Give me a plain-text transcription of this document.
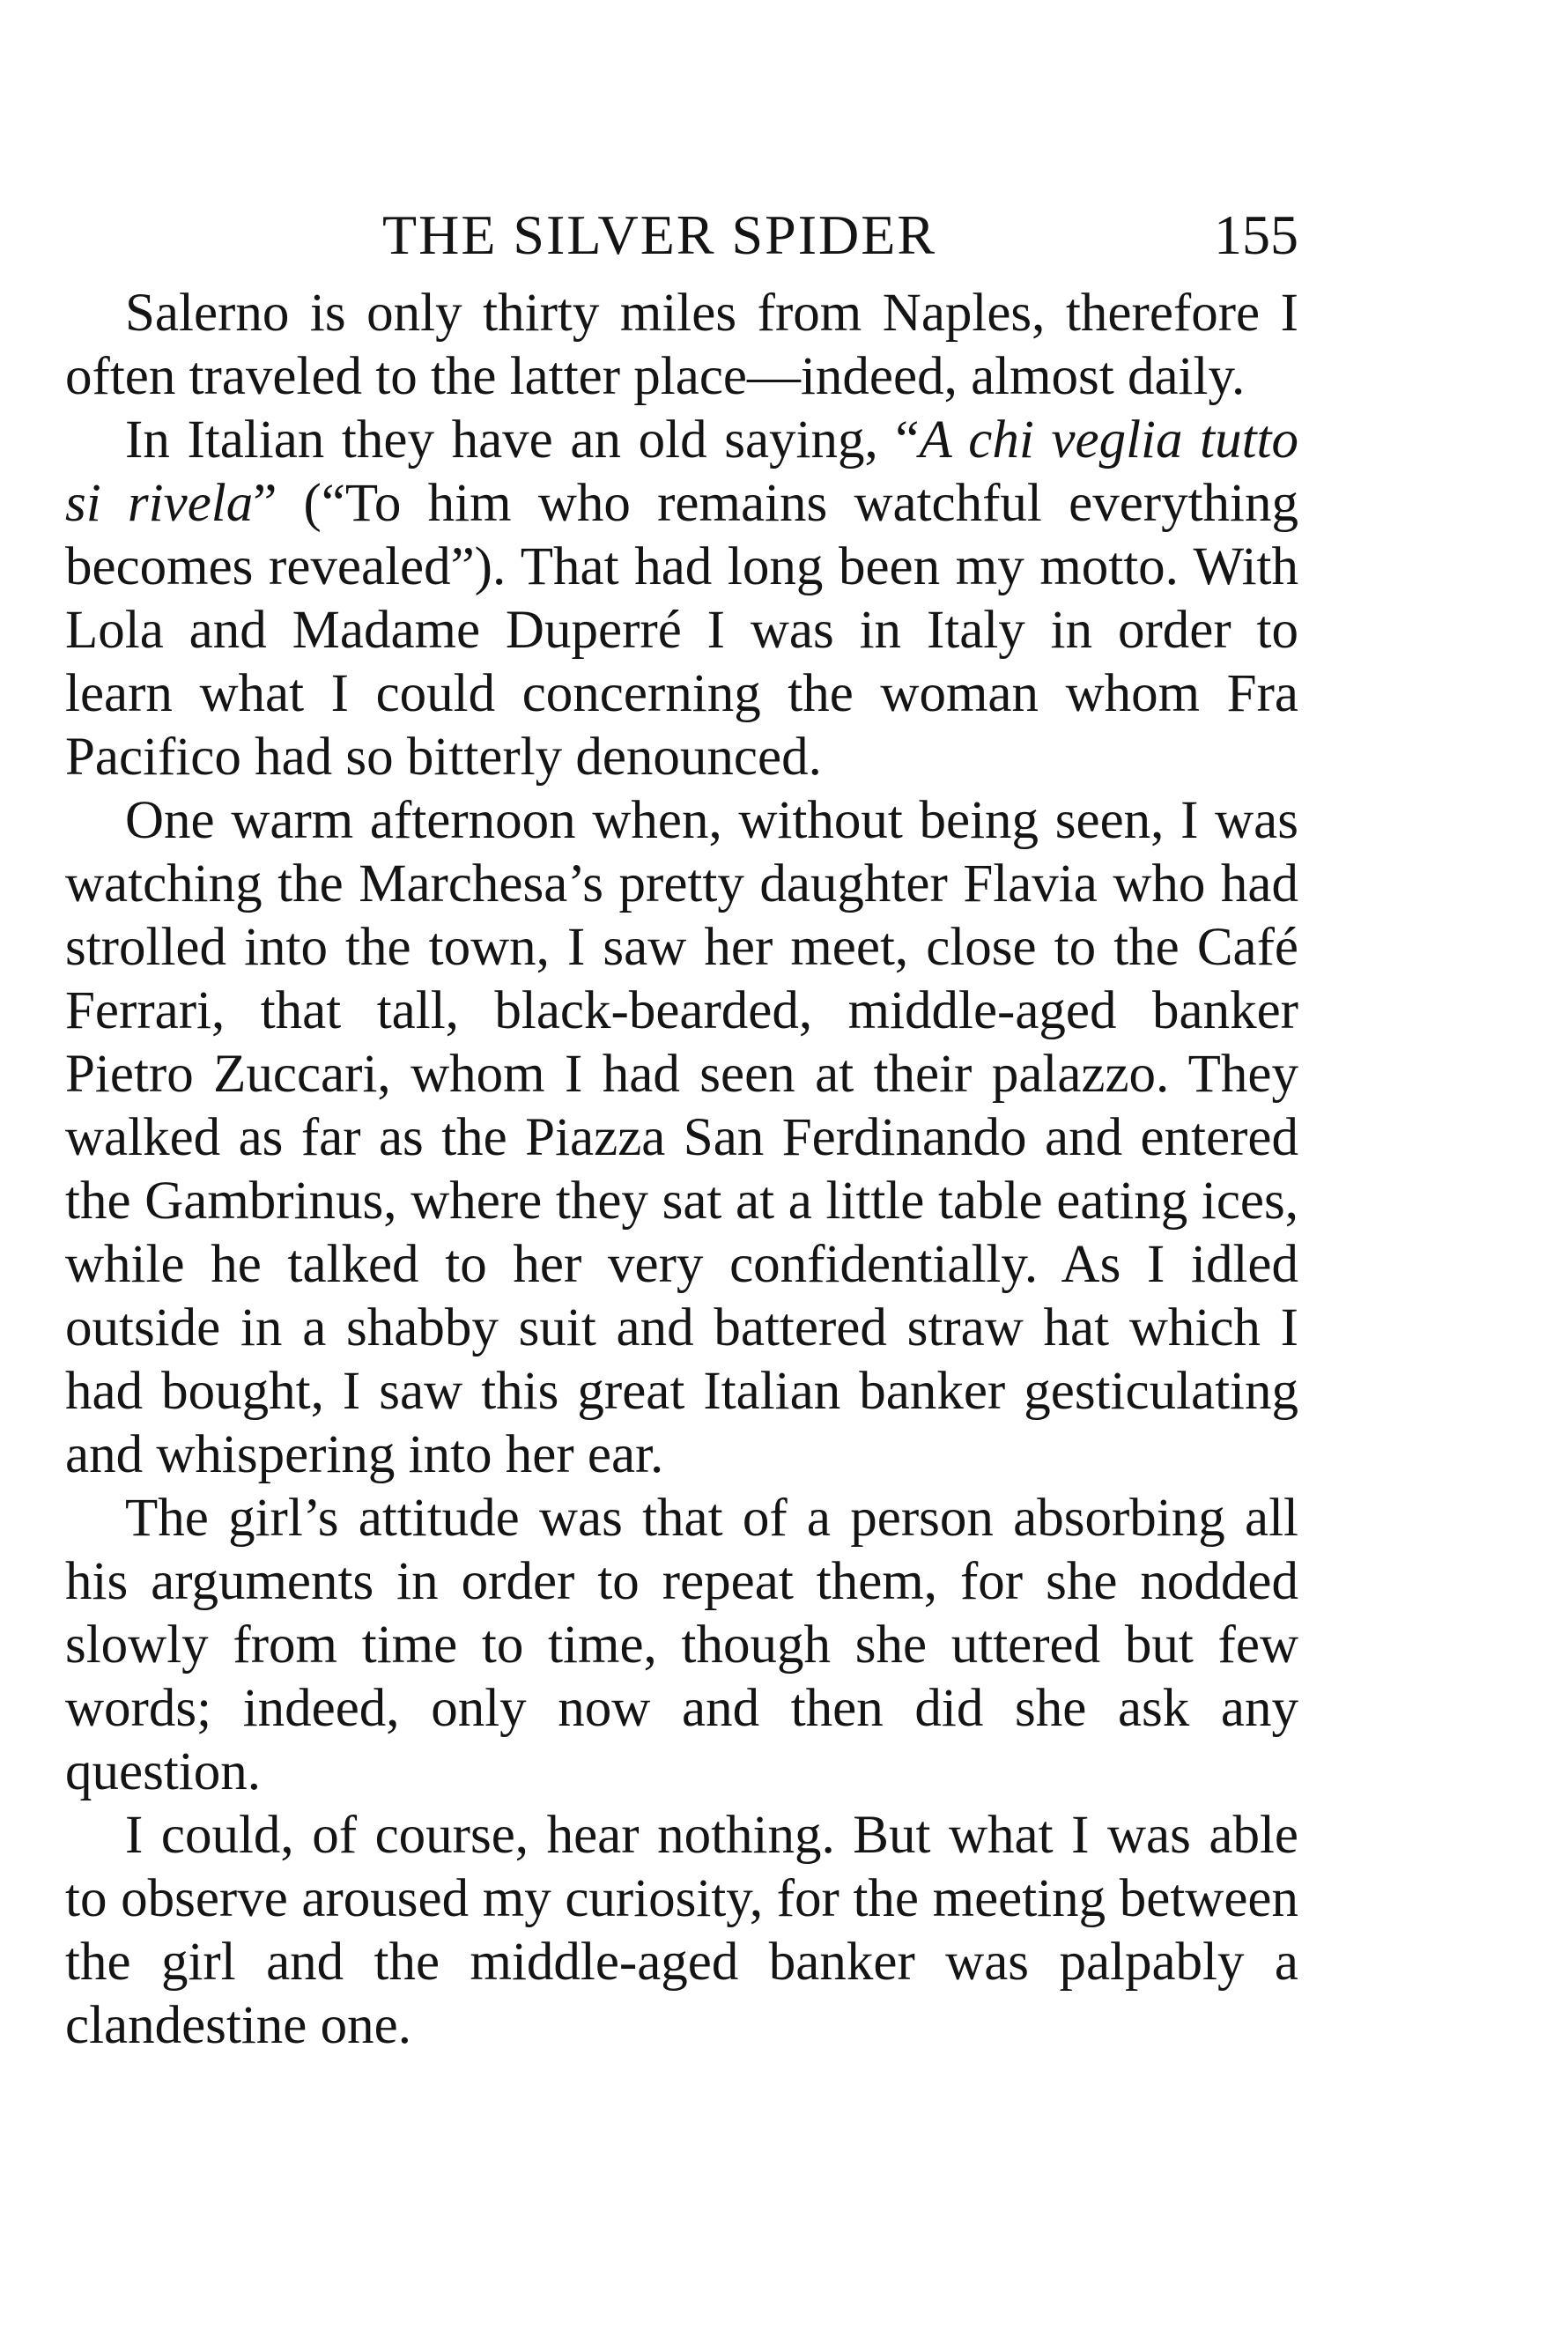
THE SILVER SPIDER	155

Salerno is only thirty miles from Naples, therefore I often traveled to the latter place—indeed, almost daily.

In Italian they have an old saying, “A chi veglia tutto si rivela” (“To him who remains watchful everything becomes revealed”). That had long been my motto. With Lola and Madame Duperré I was in Italy in order to learn what I could concerning the woman whom Fra Pacifico had so bitterly denounced.

One warm afternoon when, without being seen, I was watching the Marchesa’s pretty daughter Flavia who had strolled into the town, I saw her meet, close to the Café Ferrari, that tall, black-bearded, middle-aged banker Pietro Zuccari, whom I had seen at their palazzo. They walked as far as the Piazza San Ferdinando and entered the Gambrinus, where they sat at a little table eating ices, while he talked to her very confidentially. As I idled outside in a shabby suit and battered straw hat which I had bought, I saw this great Italian banker gesticulating and whispering into her ear.

The girl’s attitude was that of a person absorbing all his arguments in order to repeat them, for she nodded slowly from time to time, though she uttered but few words; indeed, only now and then did she ask any question.

I could, of course, hear nothing. But what I was able to observe aroused my curiosity, for the meeting between the girl and the middle-aged banker was palpably a clandestine one.
